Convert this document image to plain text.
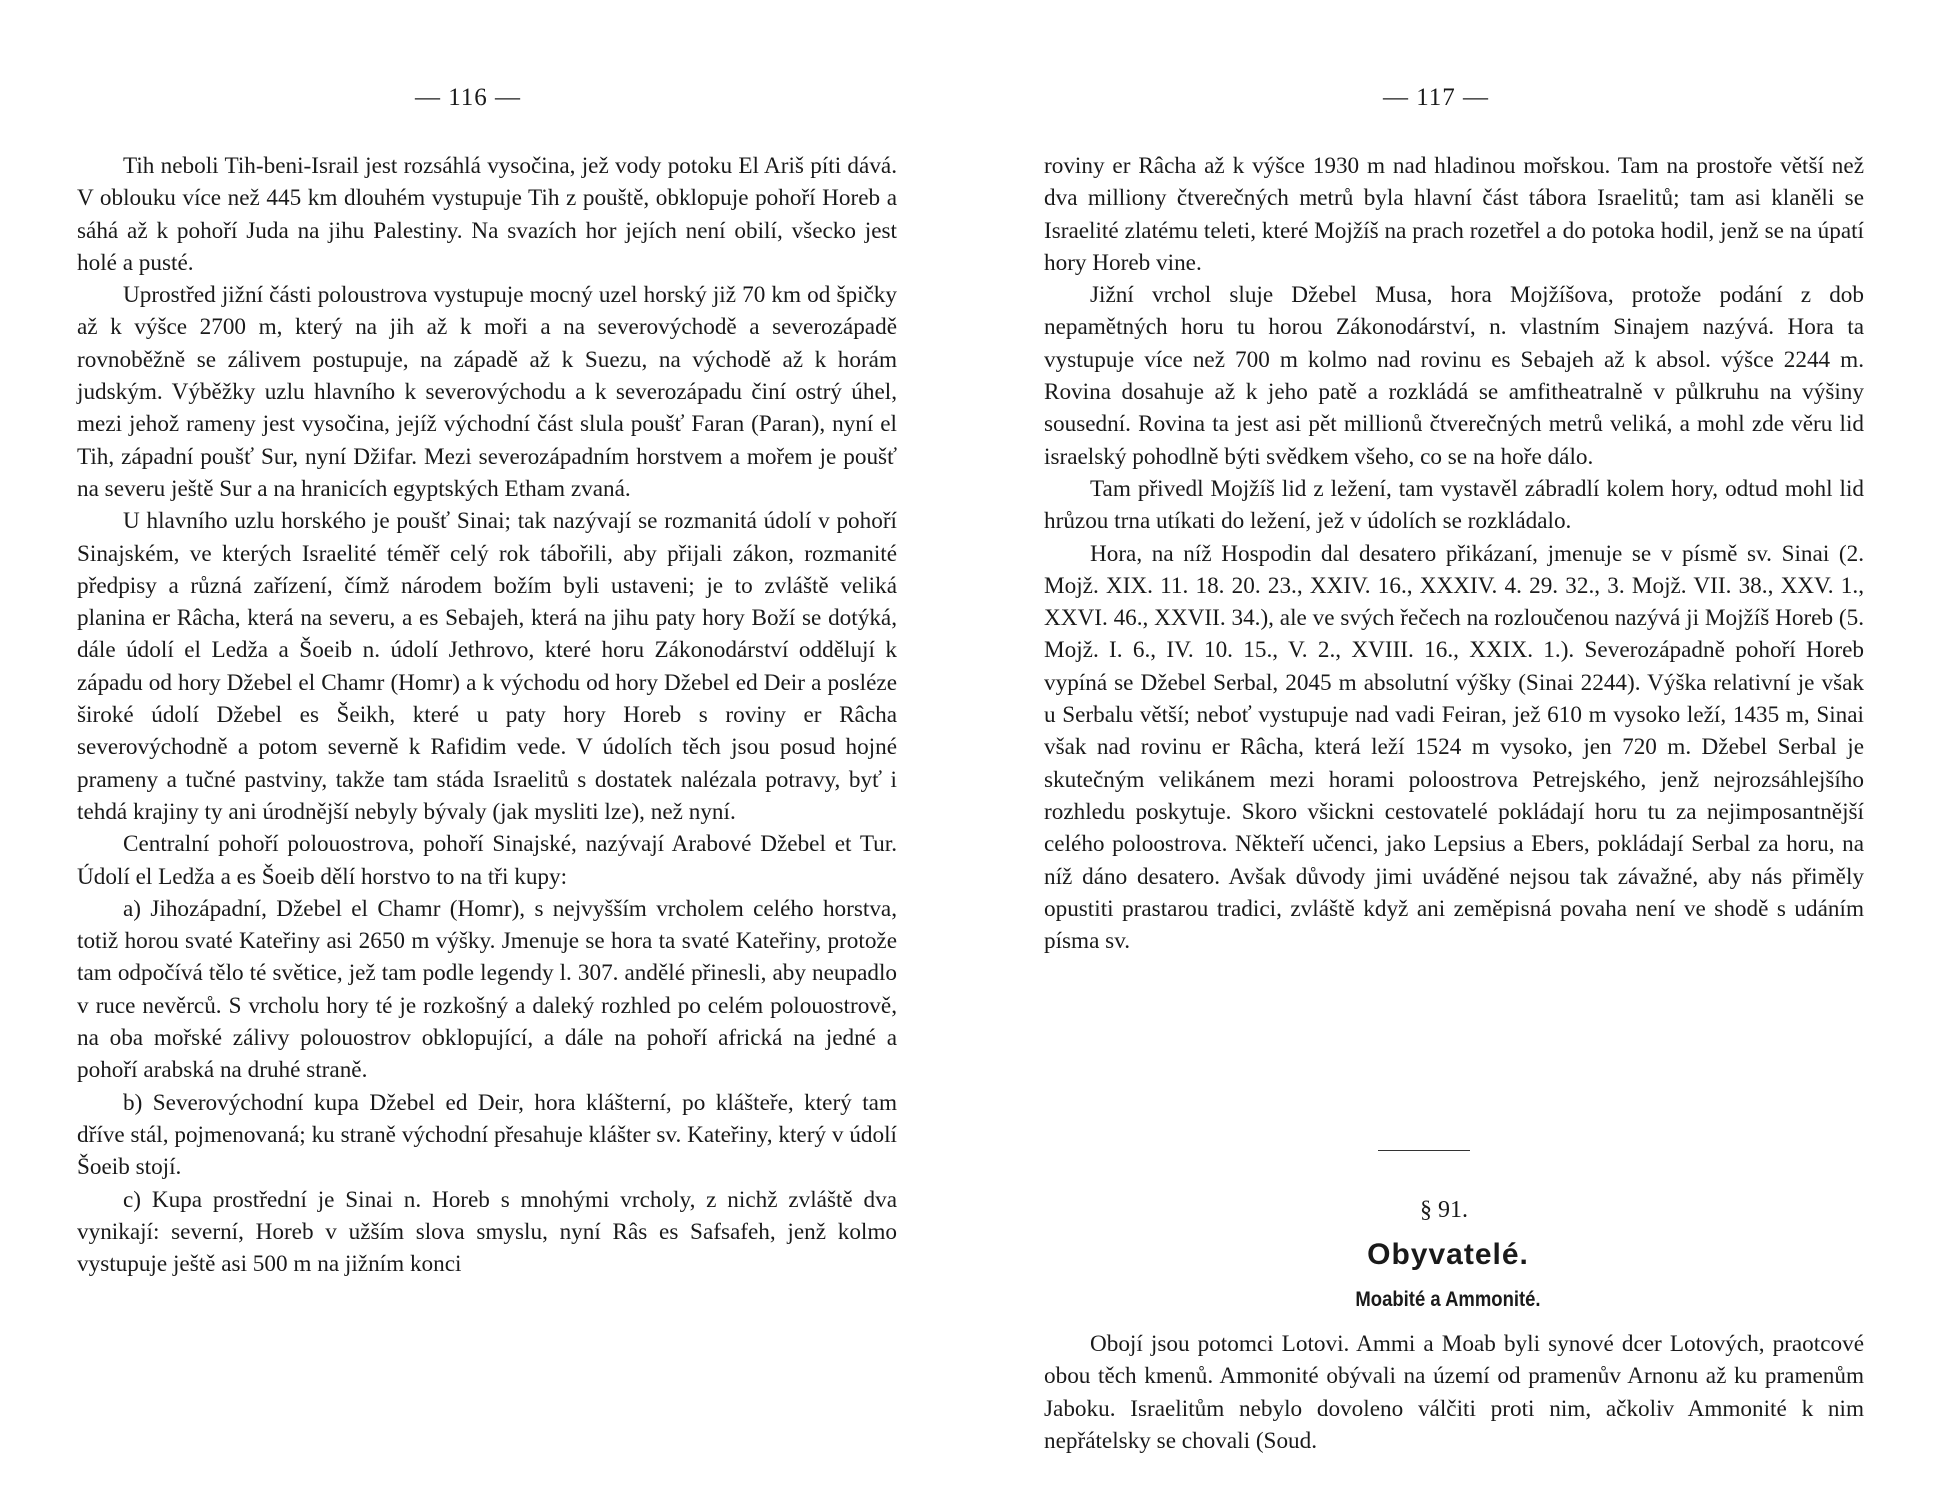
— 116 —

Tih neboli Tih-beni-Israil jest rozsáhlá vysočina, jež vody potoku El Ariš píti dává. V oblouku více než 445 km dlouhém vystupuje Tih z pouště, obklopuje pohoří Horeb a sáhá až k pohoří Juda na jihu Palestiny. Na svazích hor jejích není obilí, všecko jest holé a pusté.

Uprostřed jižní části poloustrova vystupuje mocný uzel horský již 70 km od špičky až k výšce 2700 m, který na jih až k moři a na severovýchodě a severozápadě rovnoběžně se zálivem postupuje, na západě až k Suezu, na východě až k horám judským. Výběžky uzlu hlavního k severovýchodu a k severozápadu činí ostrý úhel, mezi jehož rameny jest vysočina, jejíž východní část slula poušť Faran (Paran), nyní el Tih, západní poušť Sur, nyní Džifar. Mezi severozápadním horstvem a mořem je poušť na severu ještě Sur a na hranicích egyptských Etham zvaná.

U hlavního uzlu horského je poušť Sinai; tak nazývají se rozmanitá údolí v pohoří Sinajském, ve kterých Israelité téměř celý rok tábořili, aby přijali zákon, rozmanité předpisy a různá zařízení, čímž národem božím byli ustaveni; je to zvláště veliká planina er Râcha, která na severu, a es Sebajeh, která na jihu paty hory Boží se dotýká, dále údolí el Ledža a Šoeib n. údolí Jethrovo, které horu Zákonodárství oddělují k západu od hory Džebel el Chamr (Homr) a k východu od hory Džebel ed Deir a posléze široké údolí Džebel es Šeikh, které u paty hory Horeb s roviny er Râcha severovýchodně a potom severně k Rafidim vede. V údolích těch jsou posud hojné prameny a tučné pastviny, takže tam stáda Israelitů s dostatek nalézala potravy, byť i tehdá krajiny ty ani úrodnější nebyly bývaly (jak mysliti lze), než nyní.

Centralní pohoří polouostrova, pohoří Sinajské, nazývají Arabové Džebel et Tur. Údolí el Ledža a es Šoeib dělí horstvo to na tři kupy:

a) Jihozápadní, Džebel el Chamr (Homr), s nejvyšším vrcholem celého horstva, totiž horou svaté Kateřiny asi 2650 m výšky. Jmenuje se hora ta svaté Kateřiny, protože tam odpočívá tělo té světice, jež tam podle legendy l. 307. andělé přinesli, aby neupadlo v ruce nevěrců. S vrcholu hory té je rozkošný a daleký rozhled po celém polouostrově, na oba mořské zálivy polouostrov obklopující, a dále na pohoří africká na jedné a pohoří arabská na druhé straně.

b) Severovýchodní kupa Džebel ed Deir, hora klášterní, po klášteře, který tam dříve stál, pojmenovaná; ku straně východní přesahuje klášter sv. Kateřiny, který v údolí Šoeib stojí.

c) Kupa prostřední je Sinai n. Horeb s mnohými vrcholy, z nichž zvláště dva vynikají: severní, Horeb v užším slova smyslu, nyní Râs es Safsafeh, jenž kolmo vystupuje ještě asi 500 m na jižním konci

— 117 —

roviny er Râcha až k výšce 1930 m nad hladinou mořskou. Tam na prostoře větší než dva milliony čtverečných metrů byla hlavní část tábora Israelitů; tam asi klaněli se Israelité zlatému teleti, které Mojžíš na prach rozetřel a do potoka hodil, jenž se na úpatí hory Horeb vine.

Jižní vrchol sluje Džebel Musa, hora Mojžíšova, protože podání z dob nepamětných horu tu horou Zákonodárství, n. vlastním Sinajem nazývá. Hora ta vystupuje více než 700 m kolmo nad rovinu es Sebajeh až k absol. výšce 2244 m. Rovina dosahuje až k jeho patě a rozkládá se amfitheatralně v půlkruhu na výšiny sousední. Rovina ta jest asi pět millionů čtverečných metrů veliká, a mohl zde věru lid israelský pohodlně býti svědkem všeho, co se na hoře dálo.

Tam přivedl Mojžíš lid z ležení, tam vystavěl zábradlí kolem hory, odtud mohl lid hrůzou trna utíkati do ležení, jež v údolích se rozkládalo.

Hora, na níž Hospodin dal desatero přikázaní, jmenuje se v písmě sv. Sinai (2. Mojž. XIX. 11. 18. 20. 23., XXIV. 16., XXXIV. 4. 29. 32., 3. Mojž. VII. 38., XXV. 1., XXVI. 46., XXVII. 34.), ale ve svých řečech na rozloučenou nazývá ji Mojžíš Horeb (5. Mojž. I. 6., IV. 10. 15., V. 2., XVIII. 16., XXIX. 1.). Severozápadně pohoří Horeb vypíná se Džebel Serbal, 2045 m absolutní výšky (Sinai 2244). Výška relativní je však u Serbalu větší; neboť vystupuje nad vadi Feiran, jež 610 m vysoko leží, 1435 m, Sinai však nad rovinu er Râcha, která leží 1524 m vysoko, jen 720 m. Džebel Serbal je skutečným velikánem mezi horami poloostrova Petrejského, jenž nejrozsáhlejšího rozhledu poskytuje. Skoro všickni cestovatelé pokládají horu tu za nejimposantnější celého poloostrova. Někteří učenci, jako Lepsius a Ebers, pokládají Serbal za horu, na níž dáno desatero. Avšak důvody jimi uváděné nejsou tak závažné, aby nás přiměly opustiti prastarou tradici, zvláště když ani zeměpisná povaha není ve shodě s udáním písma sv.

§ 91.
Obyvatelé.
Moabité a Ammonité.

Obojí jsou potomci Lotovi. Ammi a Moab byli synové dcer Lotových, praotcové obou těch kmenů. Ammonité obývali na území od pramenův Arnonu až ku pramenům Jaboku. Israelitům nebylo dovoleno válčiti proti nim, ačkoliv Ammonité k nim nepřátelsky se chovali (Soud.
